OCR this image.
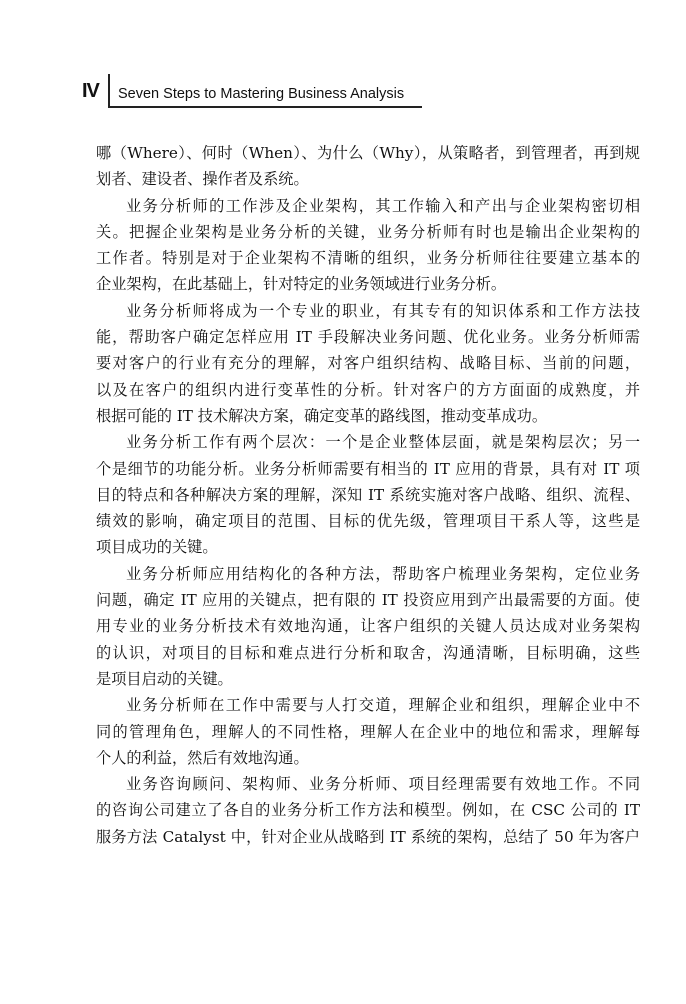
IV Seven Steps to Mastering Business Analysis
哪（Where）、何时（When）、为什么（Why），从策略者，到管理者，再到规
划者、建设者、操作者及系统。
业务分析师的工作涉及企业架构，其工作输入和产出与企业架构密切相
关。把握企业架构是业务分析的关键，业务分析师有时也是输出企业架构的
工作者。特别是对于企业架构不清晰的组织，业务分析师往往要建立基本的
企业架构，在此基础上，针对特定的业务领域进行业务分析。
业务分析师将成为一个专业的职业，有其专有的知识体系和工作方法技
能，帮助客户确定怎样应用 IT 手段解决业务问题、优化业务。业务分析师需
要对客户的行业有充分的理解，对客户组织结构、战略目标、当前的问题，
以及在客户的组织内进行变革性的分析。针对客户的方方面面的成熟度，并
根据可能的 IT 技术解决方案，确定变革的路线图，推动变革成功。
业务分析工作有两个层次：一个是企业整体层面，就是架构层次；另一
个是细节的功能分析。业务分析师需要有相当的 IT 应用的背景，具有对 IT 项
目的特点和各种解决方案的理解，深知 IT 系统实施对客户战略、组织、流程、
绩效的影响，确定项目的范围、目标的优先级，管理项目干系人等，这些是
项目成功的关键。
业务分析师应用结构化的各种方法，帮助客户梳理业务架构，定位业务
问题，确定 IT 应用的关键点，把有限的 IT 投资应用到产出最需要的方面。使
用专业的业务分析技术有效地沟通，让客户组织的关键人员达成对业务架构
的认识，对项目的目标和难点进行分析和取舍，沟通清晰，目标明确，这些
是项目启动的关键。
业务分析师在工作中需要与人打交道，理解企业和组织，理解企业中不
同的管理角色，理解人的不同性格，理解人在企业中的地位和需求，理解每
个人的利益，然后有效地沟通。
业务咨询顾问、架构师、业务分析师、项目经理需要有效地工作。不同
的咨询公司建立了各自的业务分析工作方法和模型。例如，在 CSC 公司的 IT
服务方法 Catalyst 中，针对企业从战略到 IT 系统的架构，总结了 50 年为客户
